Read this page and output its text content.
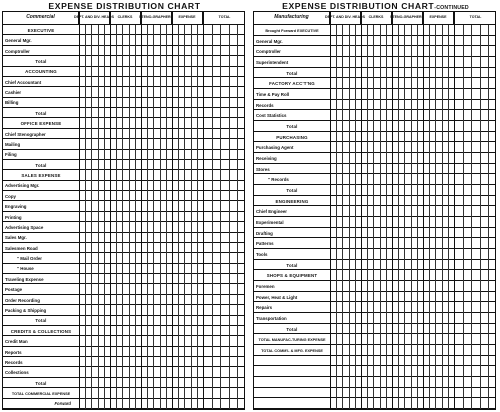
EXPENSE DISTRIBUTION CHART
Commercial	DEPT. AND DIV. HEADS CLERKS	STENO-GRAPHERS	EXPENSE	TOTAL
EXECUTIVE
General Mgr.
Comptroller
Total
ACCOUNTING
Chief Accountant
Cashier
Billing
Total
OFFICE EXPENSE
Chief Stenographer
Mailing
Filing
Total
SALES EXPENSE
Advertising Mgr.
Copy
Engraving
Printing
Advertising Space
Sales Mgr.
Salesmen Road
" Mail Order
" House
Traveling Expense
Postage
Order Recording
Packing & Shipping
Total
CREDITS & COLLECTIONS
Credit Man
Reports
Records
Collections
Total
TOTAL COMMERCIAL EXPENSE
Forward
EXPENSE DISTRIBUTION CHART-CONTINUED
Manufacturing	DEPT. AND DIV. HEADS CLERKS	STENO-GRAPHERS	EXPENSE	TOTAL
Brought Forward EXECUTIVE
General Mgr.
Comptroller
Superintendent
Total
FACTORY ACC'T'NG
Time & Pay Roll
Records
Cost Statistics
Total
PURCHASING
Purchasing Agent
Receiving
Stores
" Records
Total
ENGINEERING
Chief Engineer
Experimental
Drafting
Patterns
Tools
Total
SHOPS & EQUIPMENT
Foremen
Power, Heat & Light
Repairs
Transportation
Total
TOTAL MANUFAC-TURING EXPENSE
TOTAL COMM'L & MFG. EXPENSE
